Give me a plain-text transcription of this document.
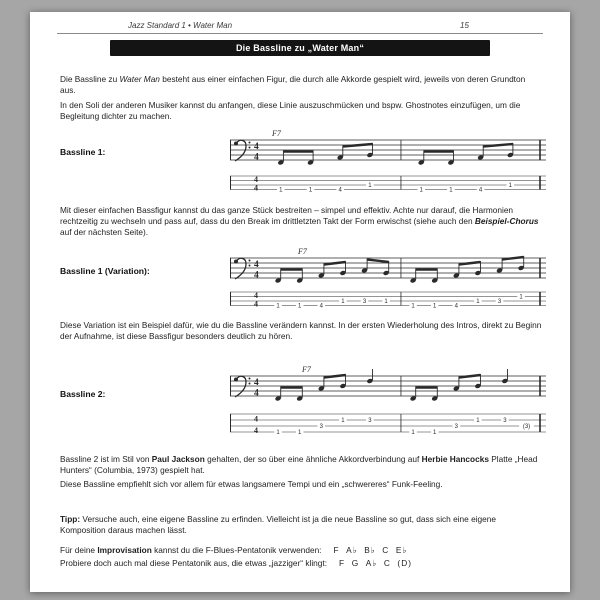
Jazz Standard 1 • Water Man	15
Die Bassline zu „Water Man“
Die Bassline zu Water Man besteht aus einer einfachen Figur, die durch alle Akkorde gespielt wird, jeweils von deren Grundton aus.
In den Soli der anderen Musiker kannst du anfangen, diese Linie auszuschmücken und bspw. Ghostnotes einzufügen, um die Begleitung dichter zu machen.
Bassline 1:	4
4
F7
4
4	1	1	4
1
1	1	4
1
Mit dieser einfachen Bassfigur kannst du das ganze Stück bestreiten – simpel und effektiv. Achte nur darauf, die Harmonien rechtzeitig zu wechseln und pass auf, dass du den Break im drittletzten Takt der Form erwischst (siehe auch den Beispiel-Chorus auf der nächsten Seite).
Bassline 1 (Variation):
4
4
F7
4
4	1	1	4
1	3	1
1	1	4
1	3
1
Diese Variation ist ein Beispiel dafür, wie du die Bassline verändern kannst. In der ersten Wiederholung des Intros, direkt zu Beginn der Aufnahme, ist diese Bassfigur besonders deutlich zu hören.
Bassline 2:
4
4
F7
4
4	1	1
3
1	3
1	1
3
1	3
(3)
Bassline 2 ist im Stil von Paul Jackson gehalten, der so über eine ähnliche Akkordverbindung auf Herbie Hancocks Platte „Head Hunters“ (Columbia, 1973) gespielt hat.
Diese Bassline empfiehlt sich vor allem für etwas langsamere Tempi und ein „schwereres“ Funk-Feeling.
Tipp: Versuche auch, eine eigene Bassline zu erfinden. Vielleicht ist ja die neue Bassline so gut, dass sich eine eigene Komposition daraus machen lässt.
Für deine Improvisation kannst du die F-Blues-Pentatonik verwenden: F  A♭  B♭  C  E♭
Probiere doch auch mal diese Pentatonik aus, die etwas „jazziger“ klingt: F  G  A♭  C  (D)
